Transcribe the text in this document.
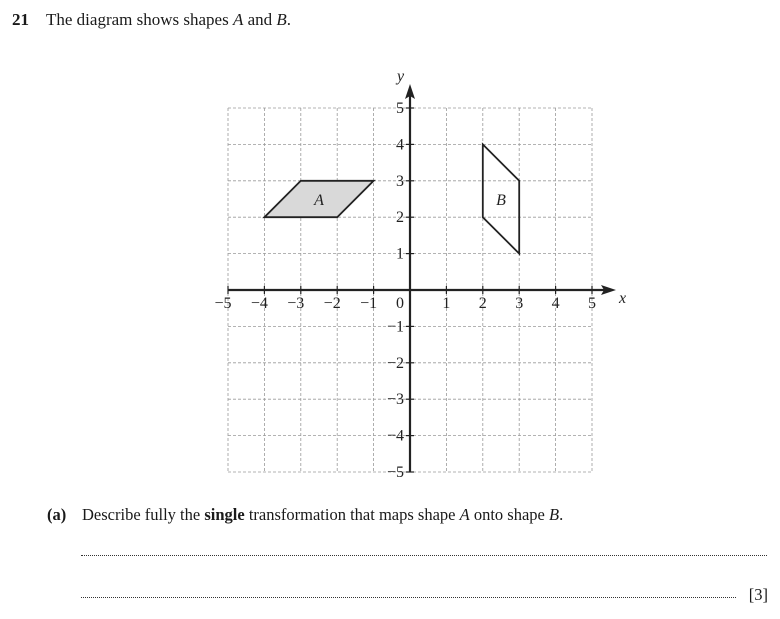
21 The diagram shows shapes A and B.
−5 −4 −3 −2 −1	1 2 3 4 5
−5
−4
−3
−2
−1
1
2
3
4
5
0	x
y
A	B
(a) Describe fully the single transformation that maps shape A onto shape B.
[3]
